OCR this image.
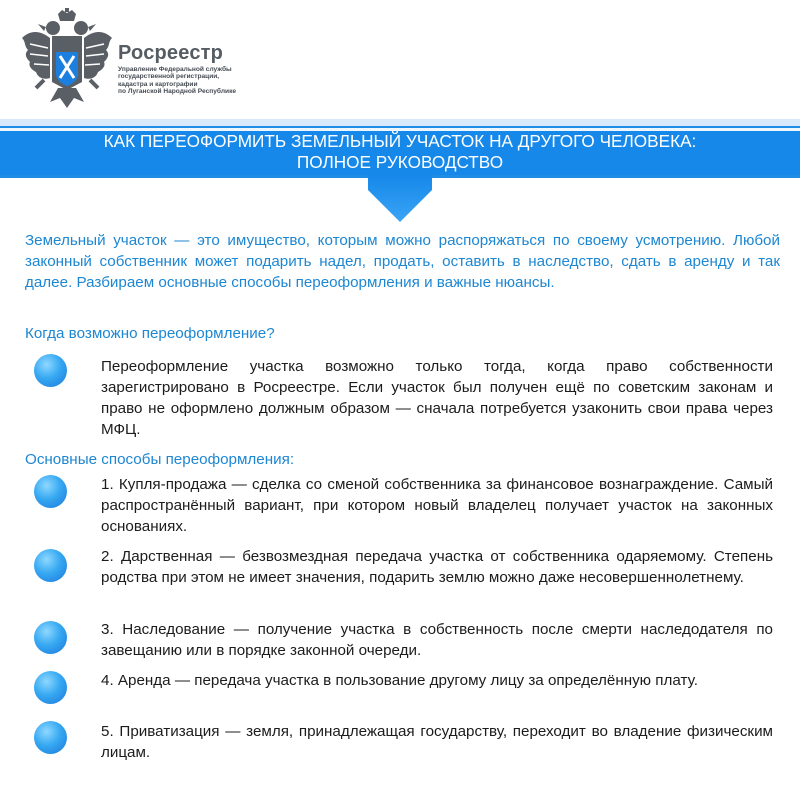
Росреестр
Управление Федеральной службы
государственной регистрации,
кадастра и картографии
по Луганской Народной Республике
КАК ПЕРЕОФОРМИТЬ ЗЕМЕЛЬНЫЙ УЧАСТОК НА ДРУГОГО ЧЕЛОВЕКА:
ПОЛНОЕ РУКОВОДСТВО
Земельный участок — это имущество, которым можно распоряжаться по своему усмотрению. Любой законный собственник может подарить надел, продать, оставить в наследство, сдать в аренду и так далее. Разбираем основные способы переоформления и важные нюансы.
Когда возможно переоформление?
Переоформление участка возможно только тогда, когда право собственности зарегистрировано в Росреестре. Если участок был получен ещё по советским законам и право не оформлено должным образом — сначала потребуется узаконить свои права через МФЦ.
Основные способы переоформления:
1. Купля-продажа — сделка со сменой собственника за финансовое вознаграждение. Самый распространённый вариант, при котором новый владелец получает участок на законных основаниях.
2. Дарственная — безвозмездная передача участка от собственника одаряемому. Степень родства при этом не имеет значения, подарить землю можно даже несовершеннолетнему.
3. Наследование — получение участка в собственность после смерти наследодателя по завещанию или в порядке законной очереди.
4. Аренда — передача участка в пользование другому лицу за определённую плату.
5. Приватизация — земля, принадлежащая государству, переходит во владение физическим лицам.
